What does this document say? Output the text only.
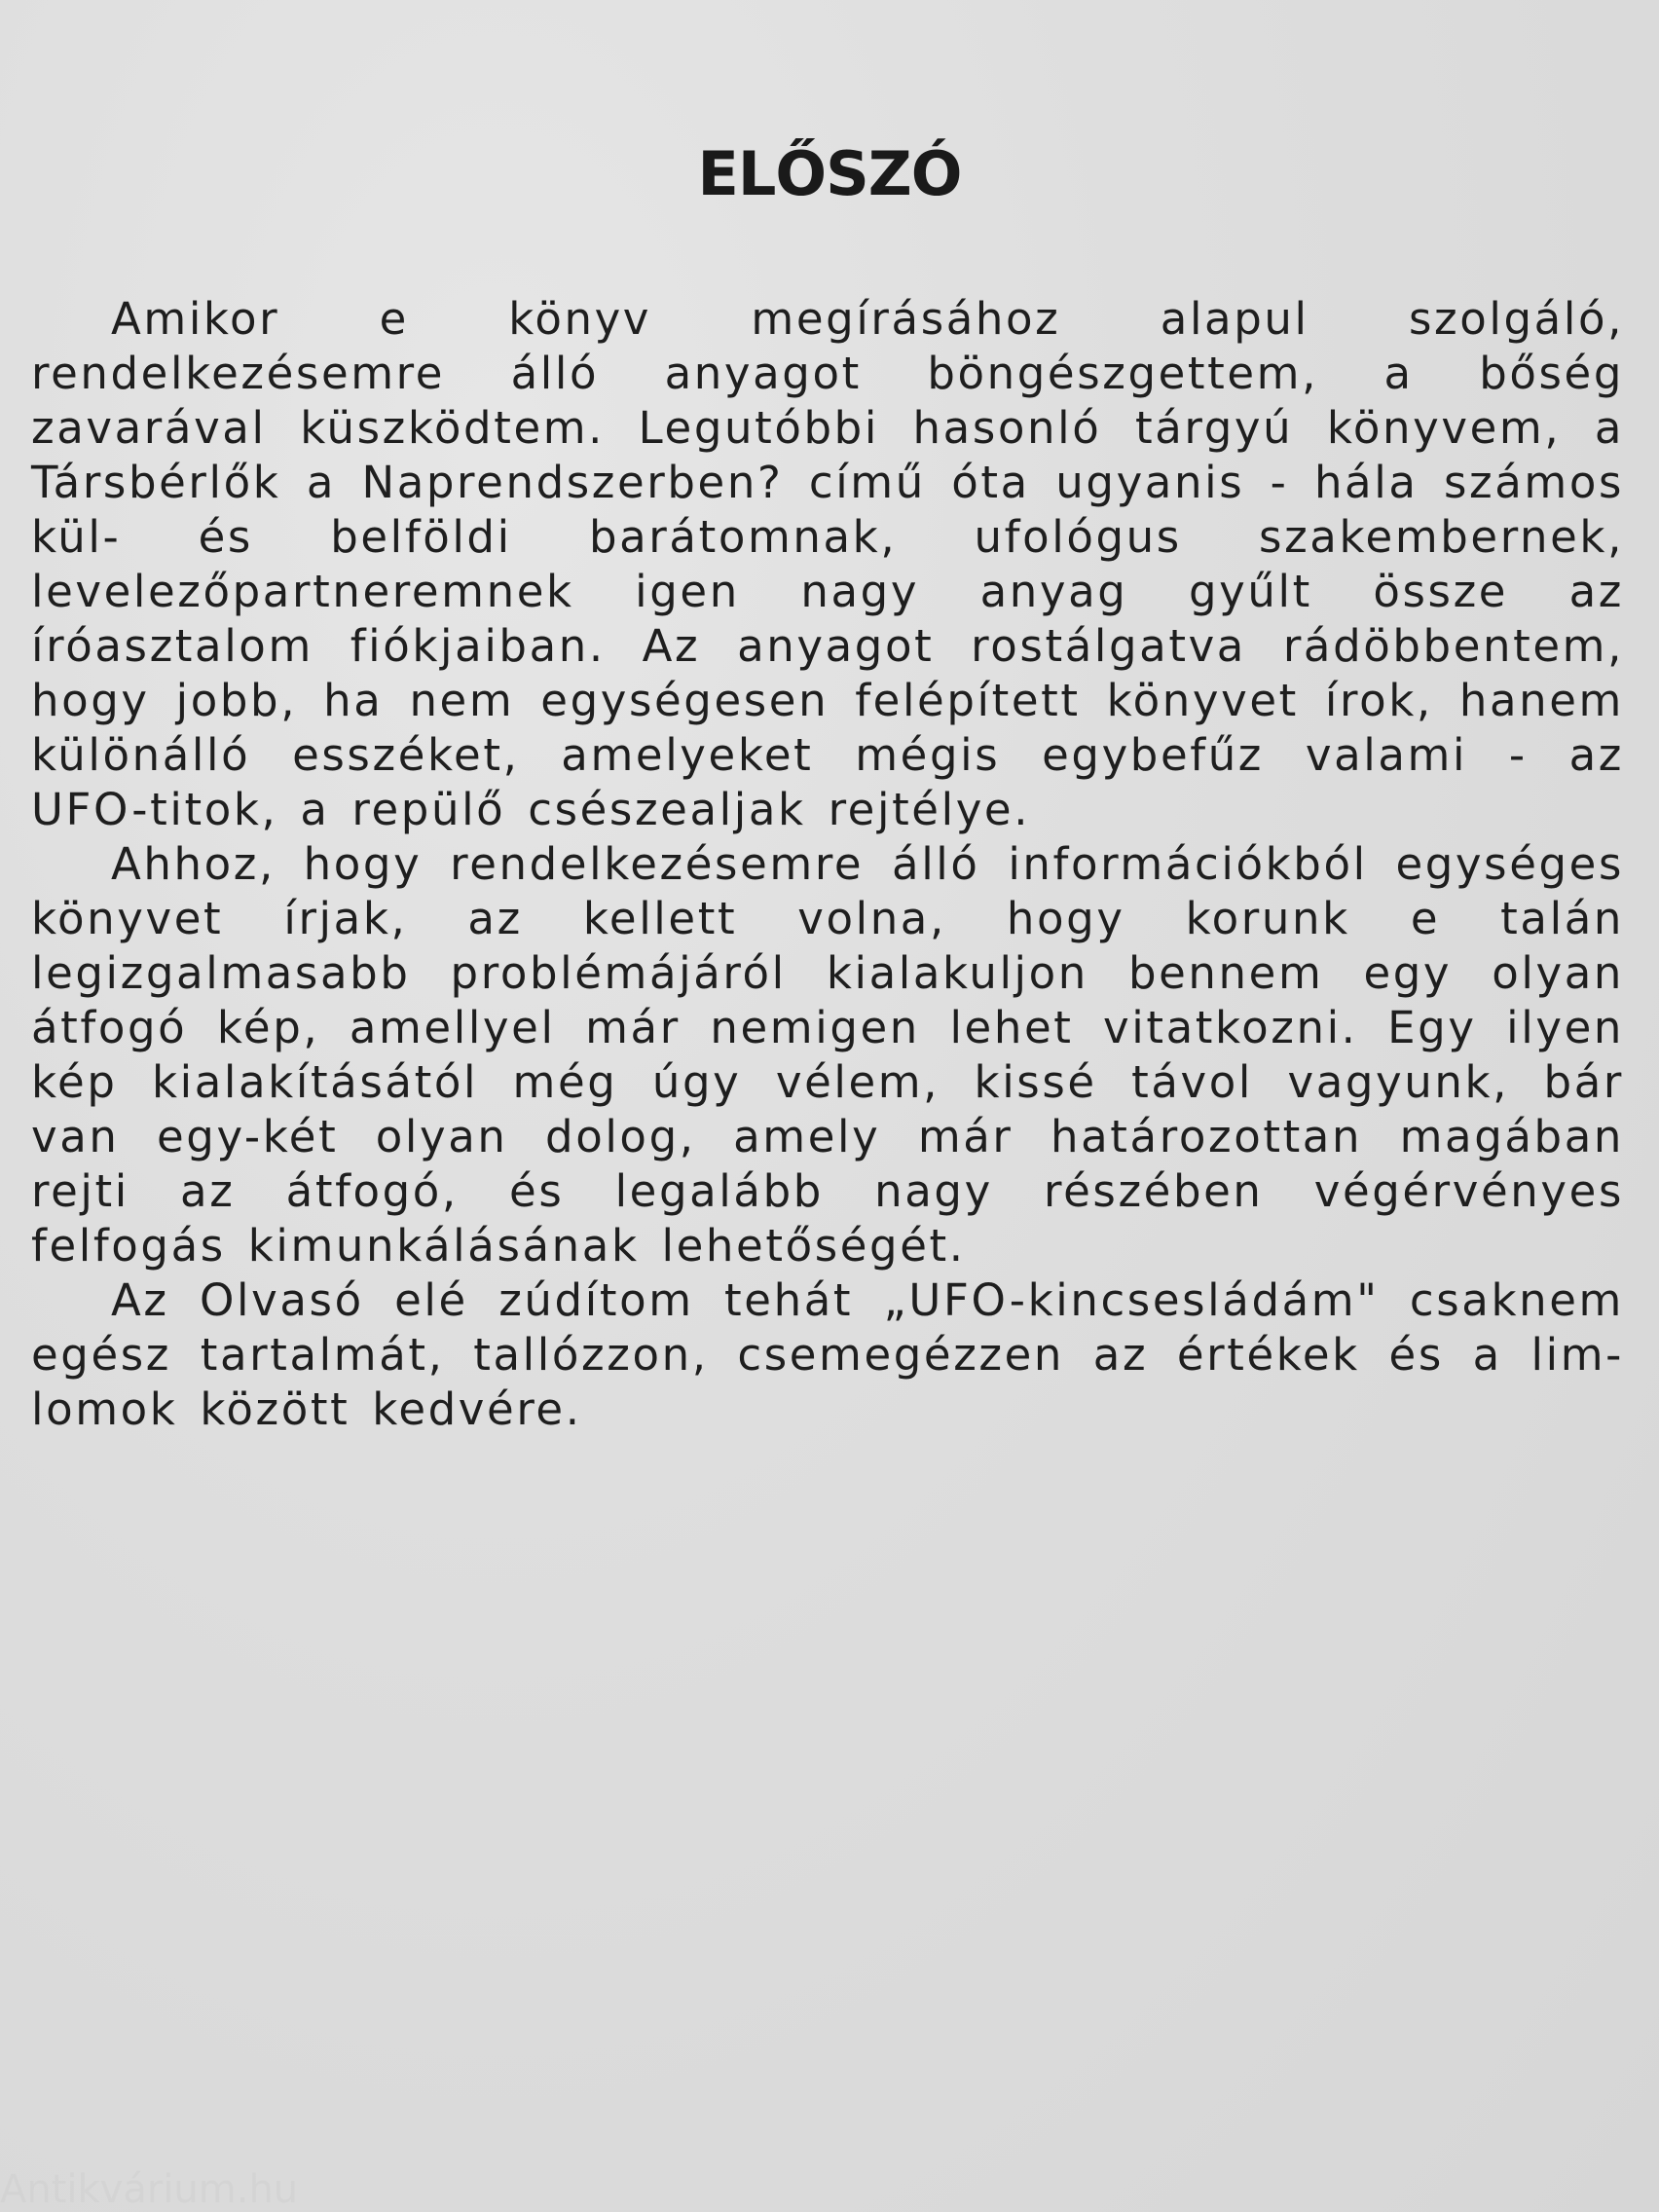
ELŐSZÓ

Amikor e könyv megírásához alapul szolgáló, rendelkezésemre álló anyagot böngészgettem, a bőség zavarával küszködtem. Legutóbbi hasonló tárgyú könyvem, a Társbérlők a Naprendszerben? című óta ugyanis - hála számos kül- és belföldi barátomnak, ufológus szakembernek, levelezőpartneremnek igen nagy anyag gyűlt össze az íróasztalom fiókjaiban. Az anyagot rostálgatva rádöbbentem, hogy jobb, ha nem egységesen felépített könyvet írok, hanem különálló esszéket, amelyeket mégis egybefűz valami - az UFO-titok, a repülő csészealjak rejtélye.

Ahhoz, hogy rendelkezésemre álló információkból egységes könyvet írjak, az kellett volna, hogy korunk e talán legizgalmasabb problémájáról kialakuljon bennem egy olyan átfogó kép, amellyel már nemigen lehet vitatkozni. Egy ilyen kép kialakításától még úgy vélem, kissé távol vagyunk, bár van egy-két olyan dolog, amely már határozottan magában rejti az átfogó, és legalább nagy részében végérvényes felfogás kimunkálásának lehetőségét.

Az Olvasó elé zúdítom tehát „UFO-kincsesládám" csaknem egész tartalmát, tallózzon, csemegézzen az értékek és a lim-lomok között kedvére.

Antikvárium.hu
